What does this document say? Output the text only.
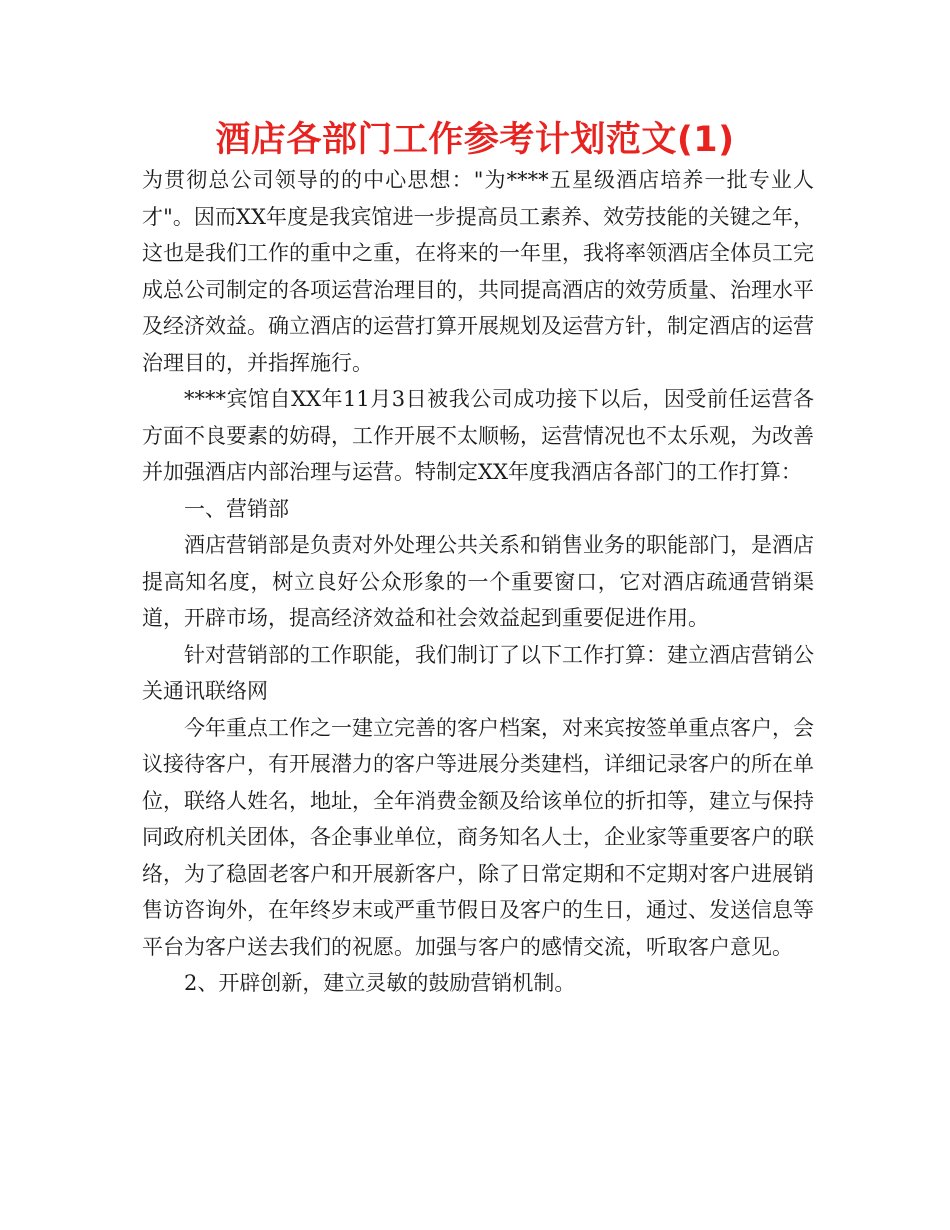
酒店各部门工作参考计划范文(1)

为贯彻总公司领导的的中心思想："为****五星级酒店培养一批专业人才"。因而XX年度是我宾馆进一步提高员工素养、效劳技能的关键之年，这也是我们工作的重中之重，在将来的一年里，我将率领酒店全体员工完成总公司制定的各项运营治理目的，共同提高酒店的效劳质量、治理水平及经济效益。确立酒店的运营打算开展规划及运营方针，制定酒店的运营治理目的，并指挥施行。

****宾馆自XX年11月3日被我公司成功接下以后，因受前任运营各方面不良要素的妨碍，工作开展不太顺畅，运营情况也不太乐观，为改善并加强酒店内部治理与运营。特制定XX年度我酒店各部门的工作打算：

一、营销部

酒店营销部是负责对外处理公共关系和销售业务的职能部门，是酒店提高知名度，树立良好公众形象的一个重要窗口，它对酒店疏通营销渠道，开辟市场，提高经济效益和社会效益起到重要促进作用。

针对营销部的工作职能，我们制订了以下工作打算：建立酒店营销公关通讯联络网

今年重点工作之一建立完善的客户档案，对来宾按签单重点客户，会议接待客户，有开展潜力的客户等进展分类建档，详细记录客户的所在单位，联络人姓名，地址，全年消费金额及给该单位的折扣等，建立与保持同政府机关团体，各企事业单位，商务知名人士，企业家等重要客户的联络，为了稳固老客户和开展新客户，除了日常定期和不定期对客户进展销售访咨询外，在年终岁末或严重节假日及客户的生日，通过、发送信息等平台为客户送去我们的祝愿。加强与客户的感情交流，听取客户意见。

2、开辟创新，建立灵敏的鼓励营销机制。
